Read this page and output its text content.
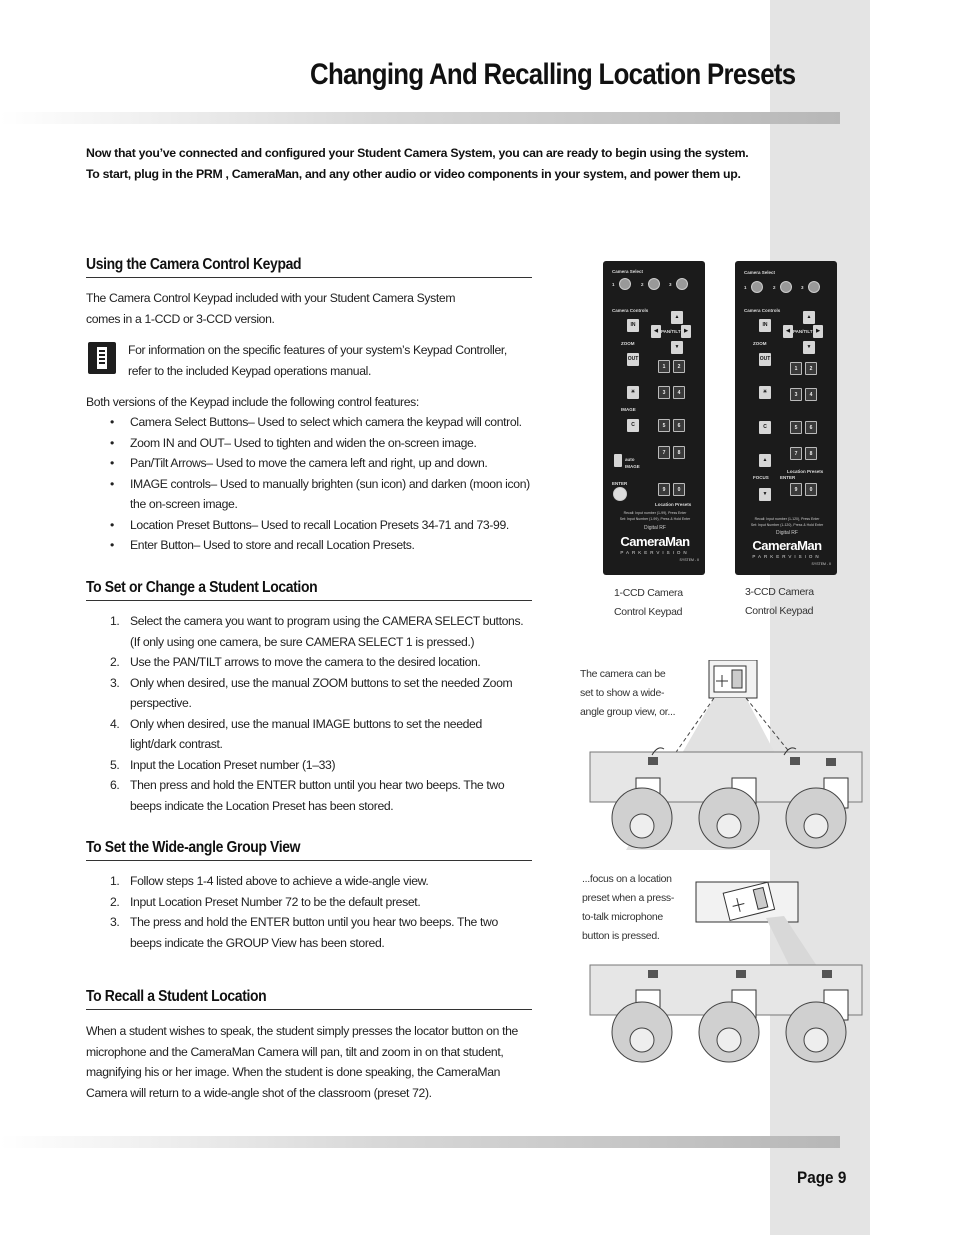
Changing And Recalling Location Presets
Now that you’ve connected and configured your Student Camera System, you can are ready to begin using the system. To start, plug in the PRM , CameraMan, and any other audio or video components in your system, and power them up.
Using the Camera Control Keypad
The Camera Control Keypad included with your Student Camera System comes in a 1-CCD or 3-CCD version.
For information on the specific features of your system’s Keypad Controller, refer to the included Keypad operations manual.
Both versions of the Keypad include the following control features:
• Camera Select Buttons– Used to select which camera the keypad will control.
• Zoom IN and OUT– Used to tighten and widen the on-screen image.
• Pan/Tilt Arrows– Used to move the camera left and right, up and down.
• IMAGE controls– Used to manually brighten (sun icon) and darken (moon icon) the on-screen image.
• Location Preset Buttons– Used to recall Location Presets 34-71 and 73-99.
• Enter Button– Used to store and recall Location Presets.
To Set or Change a Student Location
1. Select the camera you want to program using the CAMERA SELECT buttons. (If only using one camera, be sure CAMERA SELECT 1 is pressed.)
2. Use the PAN/TILT arrows to move the camera to the desired location.
3. Only when desired, use the manual ZOOM buttons to set the needed Zoom perspective.
4. Only when desired, use the manual IMAGE buttons to set the needed light/dark contrast.
5. Input the Location Preset number (1–33)
6. Then press and hold the ENTER button until you hear two beeps. The two beeps indicate the Location Preset has been stored.
To Set the Wide-angle Group View
1. Follow steps 1-4 listed above to achieve a wide-angle view.
2. Input Location Preset Number 72 to be the default preset.
3. The press and hold the ENTER button until you hear two beeps. The two beeps indicate the GROUP View has been stored.
To Recall a Student Location
When a student wishes to speak, the student simply presses the locator button on the microphone and the CameraMan Camera will pan, tilt and zoom in on that student, magnifying his or her image. When the student is done speaking, the CameraMan Camera will return to a wide-angle shot of the classroom (preset 72).
Camera Select
1	2	3
Camera Controls
IN
ZOOM
OUT
▲
◀ PAN/TILT ▶
▼
1	2
☀
IMAGE
3	4
C	5	6
7	8
auto
IMAGE
ENTER
9	0
Location Presets
Recall: Input number (1-99), Press Enter
Set: Input Number (1-99), Press & Hold Enter
Digital RF
CameraMan
PARKERVISION
SYSTEM - II
Camera Select
1	2	3
Camera Controls
IN
ZOOM
OUT
▲
◀ PAN/TILT ▶
▼
1	2
☀	3	4
C	5	6
▲
7	8
Location Presets
FOCUS
▼
9	0
ENTER
Recall: Input number (1-120), Press Enter
Set: Input Number (1-120), Press & Hold Enter
Digital RF
CameraMan
PARKERVISION
SYSTEM - II
1-CCD Camera Control Keypad
3-CCD Camera Control Keypad
The camera can be set to show a wide-angle group view, or...
...focus on a location preset when a press-to-talk microphone button is pressed.
Page 9
